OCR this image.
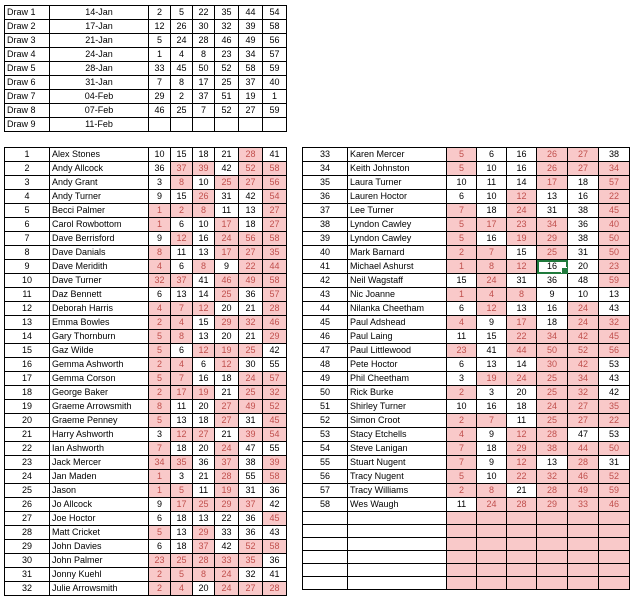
Draw 1	14-Jan	2	5	22	35	44	54
Draw 2	17-Jan	12	26	30	32	39	58
Draw 3	21-Jan	5	24	28	46	49	56
Draw 4	24-Jan	1	4	8	23	34	57
Draw 5	28-Jan	33	45	50	52	58	59
Draw 6	31-Jan	7	8	17	25	37	40
Draw 7	04-Feb	29	2	37	51	19	1
Draw 8	07-Feb	46	25	7	52	27	59
Draw 9	11-Feb						
1	Alex Stones	10	15	18	21	28	41
2	Andy Allcock	36	37	39	42	52	58
3	Andy Grant	3	8	10	25	27	56
4	Andy Turner	9	15	26	31	42	54
5	Becci Palmer	1	2	8	11	13	27
6	Carol Rowbottom	1	6	10	17	18	27
7	Dave Berrisford	9	12	16	24	56	58
8	Dave Danials	8	11	13	17	27	35
9	Dave Meridith	4	6	8	9	22	44
10	Dave Turner	32	37	41	46	49	58
11	Daz Bennett	6	13	14	25	36	57
12	Deborah Harris	4	7	12	20	21	28
13	Emma Bowles	2	4	15	29	32	46
14	Gary Thornburn	5	8	13	20	21	29
15	Gaz Wilde	5	6	12	19	25	42
16	Gemma Ashworth	2	4	6	12	30	55
17	Gemma Corson	5	7	16	18	24	57
18	George Baker	2	17	19	21	25	32
19	Graeme Arrowsmith	8	11	20	27	49	52
20	Graeme Penney	5	13	18	27	31	45
21	Harry Ashworth	3	12	27	21	39	54
22	Ian Ashworth	7	18	20	24	47	55
23	Jack Mercer	34	35	36	37	38	39
24	Jan Maden	1	3	21	28	55	58
25	Jason	1	5	11	19	31	36
26	Jo Allcock	9	17	25	29	37	42
27	Joe Hoctor	6	18	13	22	36	45
28	Matt Cricket	5	13	29	33	36	43
29	John Davies	6	18	37	42	52	58
30	John Palmer	23	25	28	33	35	36
31	Jonny Kuehl	2	5	8	24	32	41
32	Julie Arrowsmith	2	4	20	24	27	28
33	Karen Mercer	5	6	16	26	27	38
34	Keith Johnston	5	10	16	26	27	34
35	Laura Turner	10	11	14	17	18	57
36	Lauren Hoctor	6	10	12	13	16	22
37	Lee Turner	7	18	24	31	38	45
38	Lyndon Cawley	5	17	23	34	36	40
39	Lyndon Cawley	5	16	19	29	38	50
40	Mark Barnard	2	7	15	25	31	50
41	Michael Ashurst	1	8	12	16	20	23
42	Neil Wagstaff	15	24	31	36	48	59
43	Nic Joanne	1	4	8	9	10	13
44	Nilanka Cheetham	6	12	13	16	24	43
45	Paul Adshead	4	9	17	18	24	32
46	Paul Laing	11	15	22	34	42	45
47	Paul Littlewood	23	41	44	50	52	56
48	Pete Hoctor	6	13	14	30	42	53
49	Phil Cheetham	3	19	24	25	34	43
50	Rick Burke	2	3	20	25	32	42
51	Shirley Turner	10	16	18	24	27	35
52	Simon Croot	2	7	11	25	27	22
53	Stacy Etchells	4	9	12	28	47	53
54	Steve Lanigan	7	18	29	38	44	50
55	Stuart Nugent	7	9	12	13	28	31
56	Tracy Nugent	5	10	22	32	46	52
57	Tracy Williams	2	8	21	28	49	59
58	Wes Waugh	11	24	28	29	33	46
